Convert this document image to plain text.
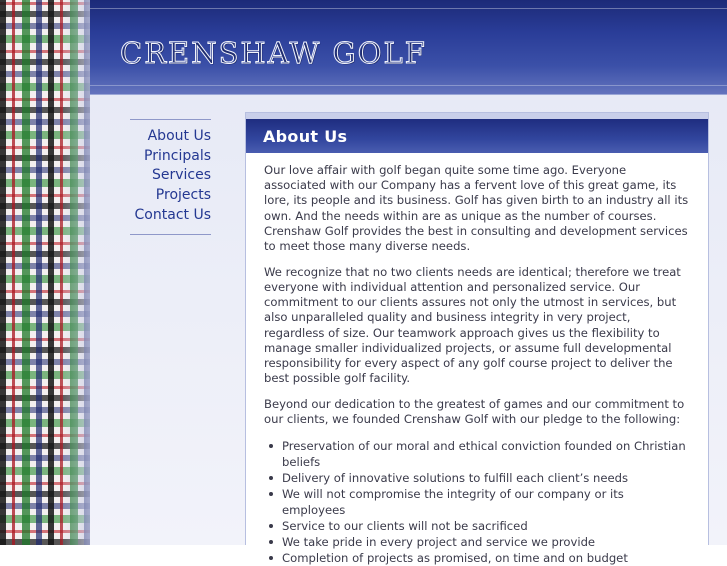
CRENSHAW GOLF
About Us
Principals
Services
Projects
Contact Us
About Us

Our love affair with golf began quite some time ago. Everyone associated with our Company has a fervent love of this great game, its lore, its people and its business. Golf has given birth to an industry all its own. And the needs within are as unique as the number of courses. Crenshaw Golf provides the best in consulting and development services to meet those many diverse needs.

We recognize that no two clients needs are identical; therefore we treat everyone with individual attention and personalized service. Our commitment to our clients assures not only the utmost in services, but also unparalleled quality and business integrity in very project, regardless of size. Our teamwork approach gives us the flexibility to manage smaller individualized projects, or assume full developmental responsibility for every aspect of any golf course project to deliver the best possible golf facility.

Beyond our dedication to the greatest of games and our commitment to our clients, we founded Crenshaw Golf with our pledge to the following:

Preservation of our moral and ethical conviction founded on Christian beliefs
Delivery of innovative solutions to fulfill each client’s needs
We will not compromise the integrity of our company or its employees
Service to our clients will not be sacrificed
We take pride in every project and service we provide
Completion of projects as promised, on time and on budget
